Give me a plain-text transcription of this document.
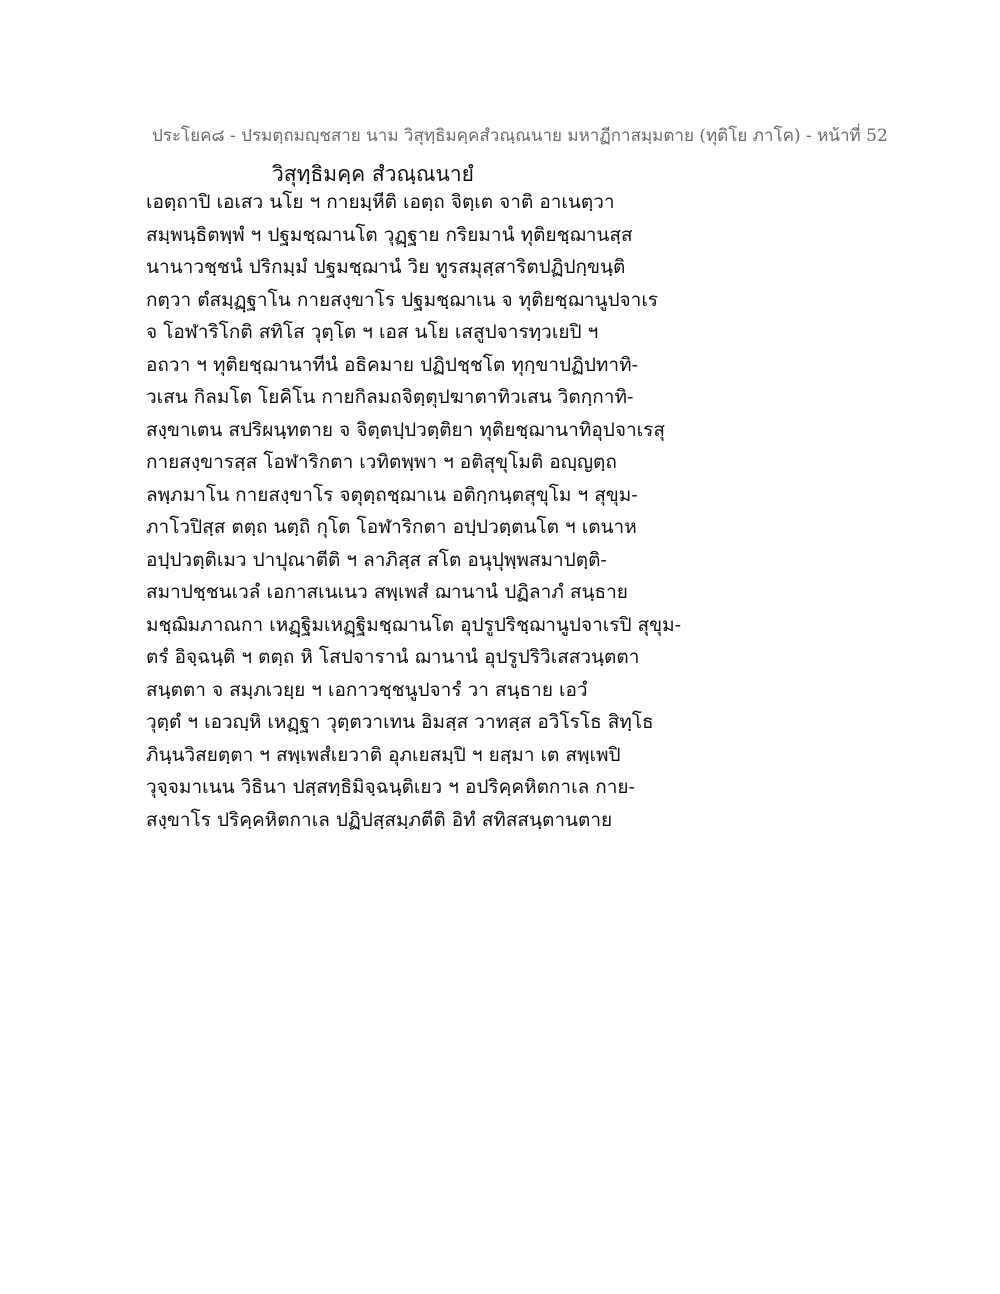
ประโยค๘ - ปรมตฺถมญฺชสาย นาม วิสุทฺธิมคฺคสํวณฺณนาย มหาฏีกาสมฺมตาย (ทุติโย ภาโค) - หน้าที่ 52
วิสุทฺธิมคฺค สํวณฺณนายํ
เอตฺถาปิ เอเสว นโย ฯ กายมฺหีติ เอตฺถ จิตฺเต จาติ อาเนตฺวา
สมฺพนฺธิตพฺพํ ฯ ปฐมชฺฌานโต วุฏฺฐาย กริยมานํ ทุติยชฺฌานสฺส
นานาวชฺชนํ ปริกมฺมํ ปฐมชฺฌานํ วิย ทูรสมุสฺสาริตปฏิปกฺขนฺติ
กตฺวา ตํสมฺฏฺฐาโน กายสงฺขาโร ปฐมชฺฌาเน จ ทุติยชฺฌานูปจาเร
จ โอฬาริโกติ สทิโส วุตฺโต ฯ เอส นโย เสสูปจารทฺวเยปิ ฯ
อถวา ฯ ทุติยชฺฌานาทีนํ อธิคมาย ปฏิปชฺชโต ทุกฺขาปฏิปทาทิ-
วเสน กิลมโต โยคิโน กายกิลมถจิตฺตุปฆาตาทิวเสน วิตกฺกาทิ-
สงฺขาเตน สปริผนฺทตาย จ จิตฺตปฺปวตฺติยา ทุติยชฺฌานาทิอุปจาเรสุ
กายสงฺขารสฺส โอฬาริกตา เวทิตพฺพา ฯ อติสุขุโมติ อญฺญตฺถ
ลพฺภมาโน กายสงฺขาโร จตุตฺถชฺฌาเน อติกฺกนฺตสุขุโม ฯ สุขุม-
ภาโวปิสฺส ตตฺถ นตฺถิ กุโต โอฬาริกตา อปฺปวตฺตนโต ฯ เตนาห
อปฺปวตฺติเมว ปาปุณาตีติ ฯ ลาภิสฺส สโต อนุปุพฺพสมาปตฺติ-
สมาปชฺชนเวลํ เอกาสเนเนว สพฺเพสํ ฌานานํ ปฏิลาภํ สนฺธาย
มชฺฌิมภาณกา เหฏฺฐิมเหฏฺฐิมชฺฌานโต อุปรูปริชฺฌานูปจาเรปิ สุขุม-
ตรํ อิจฺฉนฺติ ฯ ตตฺถ หิ โสปจารานํ ฌานานํ อุปรูปริวิเสสวนฺตตา
สนฺตตา จ สมฺภเวยฺย ฯ เอกาวชฺชนูปจารํ วา สนฺธาย เอวํ
วุตฺตํ ฯ เอวญฺหิ เหฏฺฐา วุตฺตวาเทน อิมสฺส วาทสฺส อวิโรโธ สิทฺโธ
ภินฺนวิสยตฺตา ฯ สพฺเพสํเยวาติ อุภเยสมฺปิ ฯ ยสฺมา เต สพฺเพปิ
วุจฺจมาเนน วิธินา ปสฺสทฺธิมิจฺฉนฺติเยว ฯ อปริคฺคหิตกาเล กาย-
สงฺขาโร ปริคฺคหิตกาเล ปฏิปสฺสมฺภตีติ อิทํ สทิสสนฺตานตาย
